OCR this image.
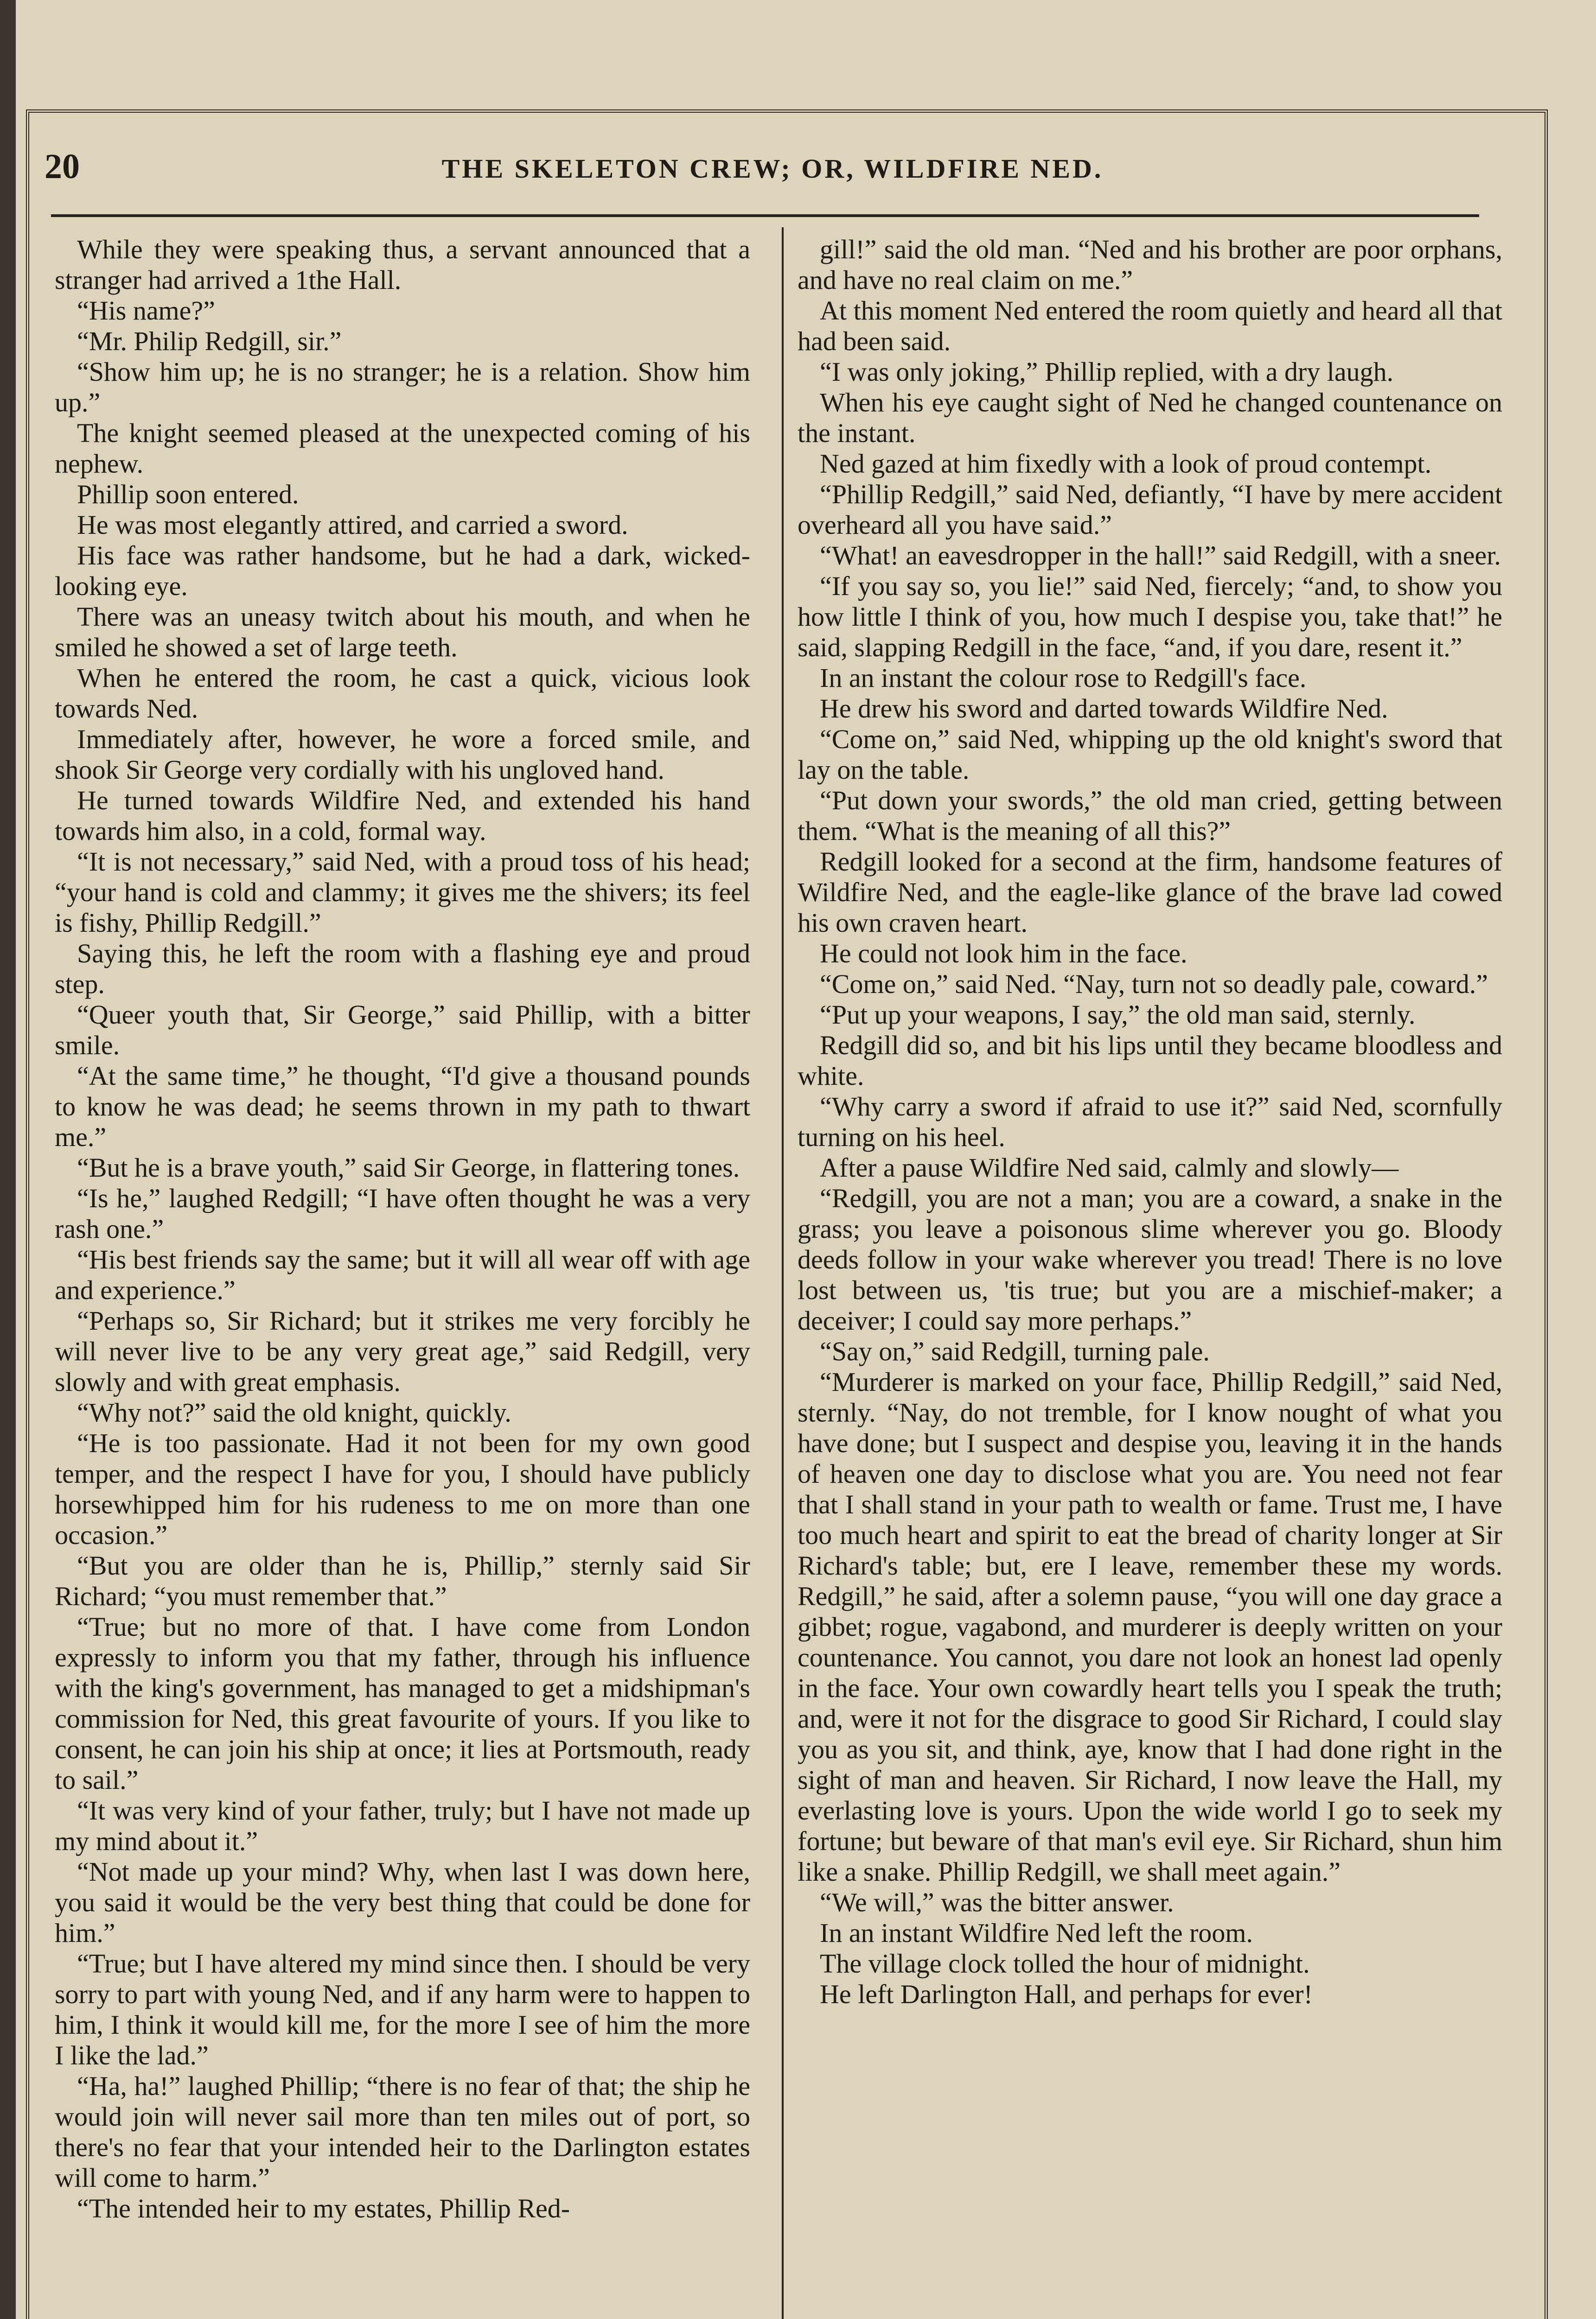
20	THE SKELETON CREW; OR, WILDFIRE NED.

While they were speaking thus, a servant announced that a stranger had arrived a 1the Hall.

“His name?”

“Mr. Philip Redgill, sir.”

“Show him up; he is no stranger; he is a relation. Show him up.”

The knight seemed pleased at the unexpected coming of his nephew.

Phillip soon entered.

He was most elegantly attired, and carried a sword.

His face was rather handsome, but he had a dark, wicked-looking eye.

There was an uneasy twitch about his mouth, and when he smiled he showed a set of large teeth.

When he entered the room, he cast a quick, vicious look towards Ned.

Immediately after, however, he wore a forced smile, and shook Sir George very cordially with his ungloved hand.

He turned towards Wildfire Ned, and extended his hand towards him also, in a cold, formal way.

“It is not necessary,” said Ned, with a proud toss of his head; “your hand is cold and clammy; it gives me the shivers; its feel is fishy, Phillip Redgill.”

Saying this, he left the room with a flashing eye and proud step.

“Queer youth that, Sir George,” said Phillip, with a bitter smile.

“At the same time,” he thought, “I'd give a thousand pounds to know he was dead; he seems thrown in my path to thwart me.”

“But he is a brave youth,” said Sir George, in flattering tones.

“Is he,” laughed Redgill; “I have often thought he was a very rash one.”

“His best friends say the same; but it will all wear off with age and experience.”

“Perhaps so, Sir Richard; but it strikes me very forcibly he will never live to be any very great age,” said Redgill, very slowly and with great emphasis.

“Why not?” said the old knight, quickly.

“He is too passionate. Had it not been for my own good temper, and the respect I have for you, I should have publicly horsewhipped him for his rudeness to me on more than one occasion.”

“But you are older than he is, Phillip,” sternly said Sir Richard; “you must remember that.”

“True; but no more of that. I have come from London expressly to inform you that my father, through his influence with the king's government, has managed to get a midshipman's commission for Ned, this great favourite of yours. If you like to consent, he can join his ship at once; it lies at Portsmouth, ready to sail.”

“It was very kind of your father, truly; but I have not made up my mind about it.”

“Not made up your mind? Why, when last I was down here, you said it would be the very best thing that could be done for him.”

“True; but I have altered my mind since then. I should be very sorry to part with young Ned, and if any harm were to happen to him, I think it would kill me, for the more I see of him the more I like the lad.”

“Ha, ha!” laughed Phillip; “there is no fear of that; the ship he would join will never sail more than ten miles out of port, so there's no fear that your intended heir to the Darlington estates will come to harm.”

“The intended heir to my estates, Phillip Red-

gill!” said the old man. “Ned and his brother are poor orphans, and have no real claim on me.”

At this moment Ned entered the room quietly and heard all that had been said.

“I was only joking,” Phillip replied, with a dry laugh.

When his eye caught sight of Ned he changed countenance on the instant.

Ned gazed at him fixedly with a look of proud contempt.

“Phillip Redgill,” said Ned, defiantly, “I have by mere accident overheard all you have said.”

“What! an eavesdropper in the hall!” said Redgill, with a sneer.

“If you say so, you lie!” said Ned, fiercely; “and, to show you how little I think of you, how much I despise you, take that!” he said, slapping Redgill in the face, “and, if you dare, resent it.”

In an instant the colour rose to Redgill's face.

He drew his sword and darted towards Wildfire Ned.

“Come on,” said Ned, whipping up the old knight's sword that lay on the table.

“Put down your swords,” the old man cried, getting between them. “What is the meaning of all this?”

Redgill looked for a second at the firm, handsome features of Wildfire Ned, and the eagle-like glance of the brave lad cowed his own craven heart.

He could not look him in the face.

“Come on,” said Ned. “Nay, turn not so deadly pale, coward.”

“Put up your weapons, I say,” the old man said, sternly.

Redgill did so, and bit his lips until they became bloodless and white.

“Why carry a sword if afraid to use it?” said Ned, scornfully turning on his heel.

After a pause Wildfire Ned said, calmly and slowly—

“Redgill, you are not a man; you are a coward, a snake in the grass; you leave a poisonous slime wherever you go. Bloody deeds follow in your wake wherever you tread! There is no love lost between us, 'tis true; but you are a mischief-maker; a deceiver; I could say more perhaps.”

“Say on,” said Redgill, turning pale.

“Murderer is marked on your face, Phillip Redgill,” said Ned, sternly. “Nay, do not tremble, for I know nought of what you have done; but I suspect and despise you, leaving it in the hands of heaven one day to disclose what you are. You need not fear that I shall stand in your path to wealth or fame. Trust me, I have too much heart and spirit to eat the bread of charity longer at Sir Richard's table; but, ere I leave, remember these my words. Redgill,” he said, after a solemn pause, “you will one day grace a gibbet; rogue, vagabond, and murderer is deeply written on your countenance. You cannot, you dare not look an honest lad openly in the face. Your own cowardly heart tells you I speak the truth; and, were it not for the disgrace to good Sir Richard, I could slay you as you sit, and think, aye, know that I had done right in the sight of man and heaven. Sir Richard, I now leave the Hall, my everlasting love is yours. Upon the wide world I go to seek my fortune; but beware of that man's evil eye. Sir Richard, shun him like a snake. Phillip Redgill, we shall meet again.”

“We will,” was the bitter answer.

In an instant Wildfire Ned left the room.

The village clock tolled the hour of midnight.

He left Darlington Hall, and perhaps for ever!
